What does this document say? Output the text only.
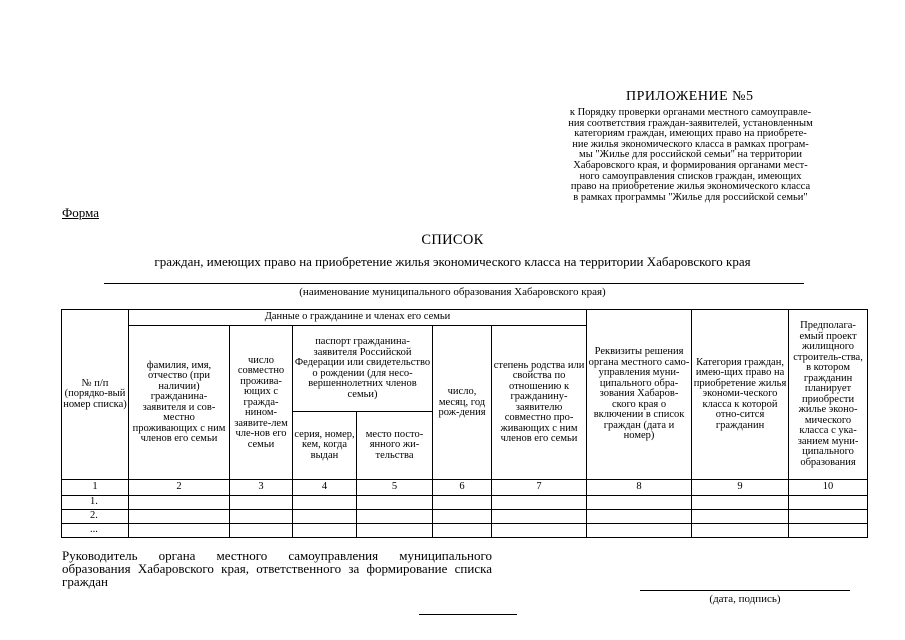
ПРИЛОЖЕНИЕ №5
к Порядку проверки органами местного самоуправле-
ния соответствия граждан-заявителей, установленным
категориям граждан, имеющих право на приобрете-
ние жилья экономического класса в рамках програм-
мы "Жилье для российской семьи" на территории
Хабаровского края, и формирования органами мест-
ного самоуправления списков граждан, имеющих
право на приобретение жилья экономического класса
в рамках программы "Жилье для российской семьи"
Форма
СПИСОК
граждан, имеющих право на приобретение жилья экономического класса на территории Хабаровского края
(наименование муниципального образования Хабаровского края)
№ п/п (порядко-вый номер списка)	Данные о гражданине и членах его семьи						Реквизиты решения органа местного само-управления муни-ципального обра-зования Хабаров-ского края о включении в список граждан (дата и номер)	Категория граждан, имею-щих право на приобретение жилья экономи-ческого класса к которой отно-сится гражданин	Предполага-емый проект жилищного строитель-ства, в котором гражданин планирует приобрести жилье эконо-мического класса с ука-занием муни-ципального образования
	фамилия, имя, отчество (при наличии) гражданина-заявителя и сов-местно проживающих с ним членов его семьи	число совместно прожива-ющих с гражда-нином-заявите-лем чле-нов его семьи	паспорт гражданина-заявителя Российской Федерации или свидетельство о рождении (для несо-вершеннолетних членов семьи)		число, месяц, год рож-дения	степень родства или свойства по отношению к гражданину-заявителю совместно про-живающих с ним членов его семьи			
			серия, номер, кем, когда выдан	место посто-янного жи-тельства					
1	2	3	4	5	6	7	8	9	10
1.									
2.									
...									
Руководитель органа местного самоуправления муниципального образования Хабаровского края, ответственного за формирование списка граждан
(дата, подпись)
